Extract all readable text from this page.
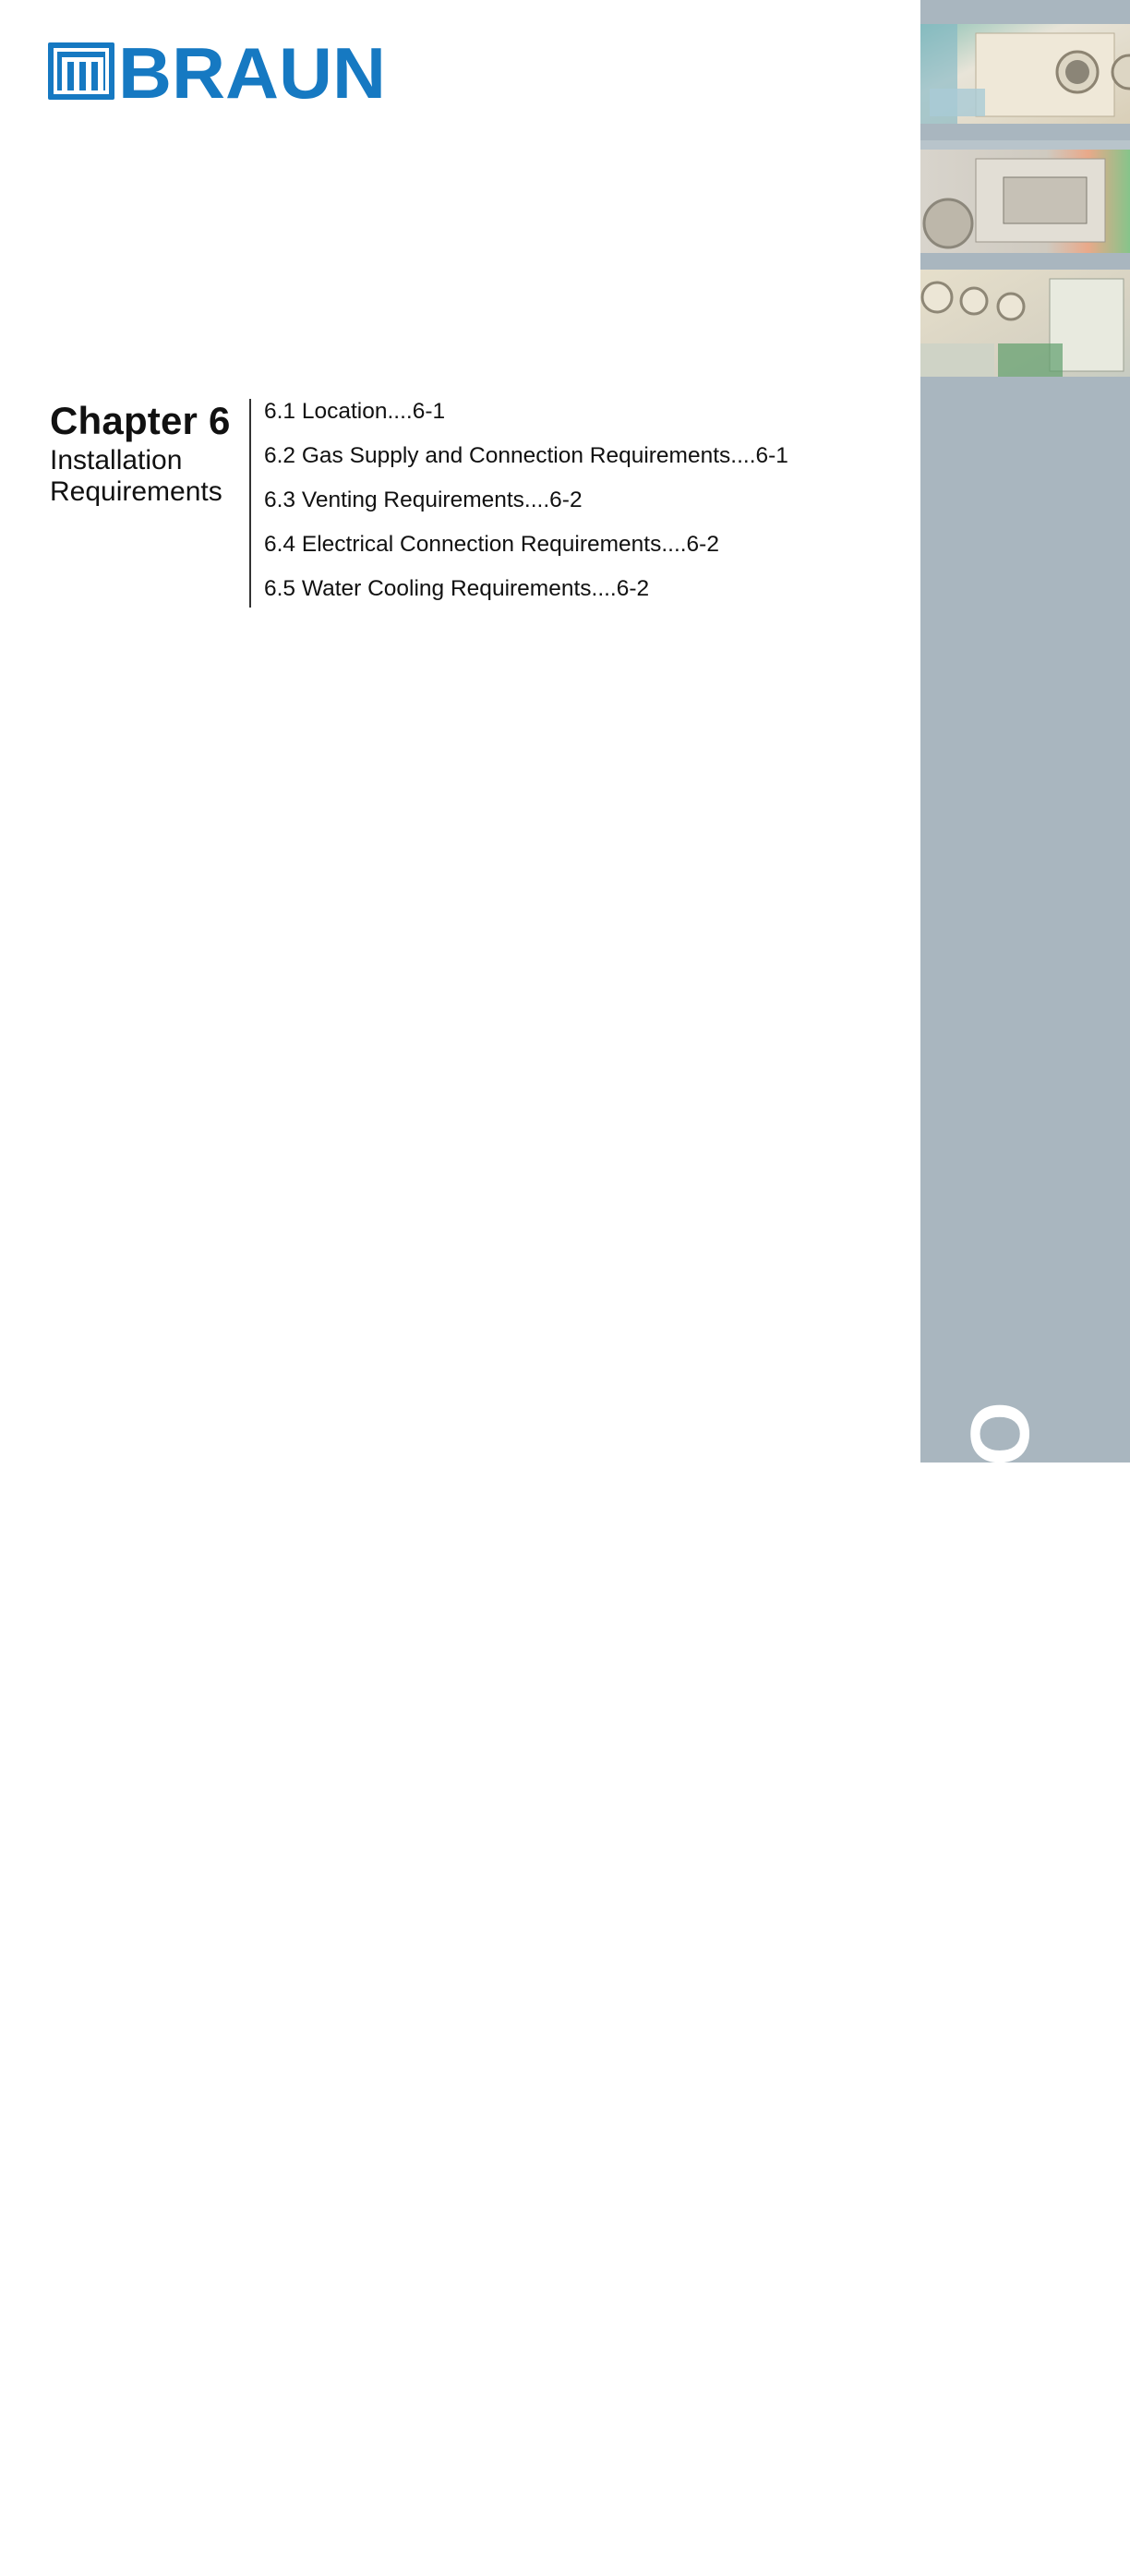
BRAUN
Chapter 6
Installation
Requirements
6.1 Location....6-1
6.2 Gas Supply and Connection Requirements....6-1
6.3 Venting Requirements....6-2
6.4 Electrical Connection Requirements....6-2
6.5 Water Cooling Requirements....6-2
OPERATING INSTRUCTIONS
